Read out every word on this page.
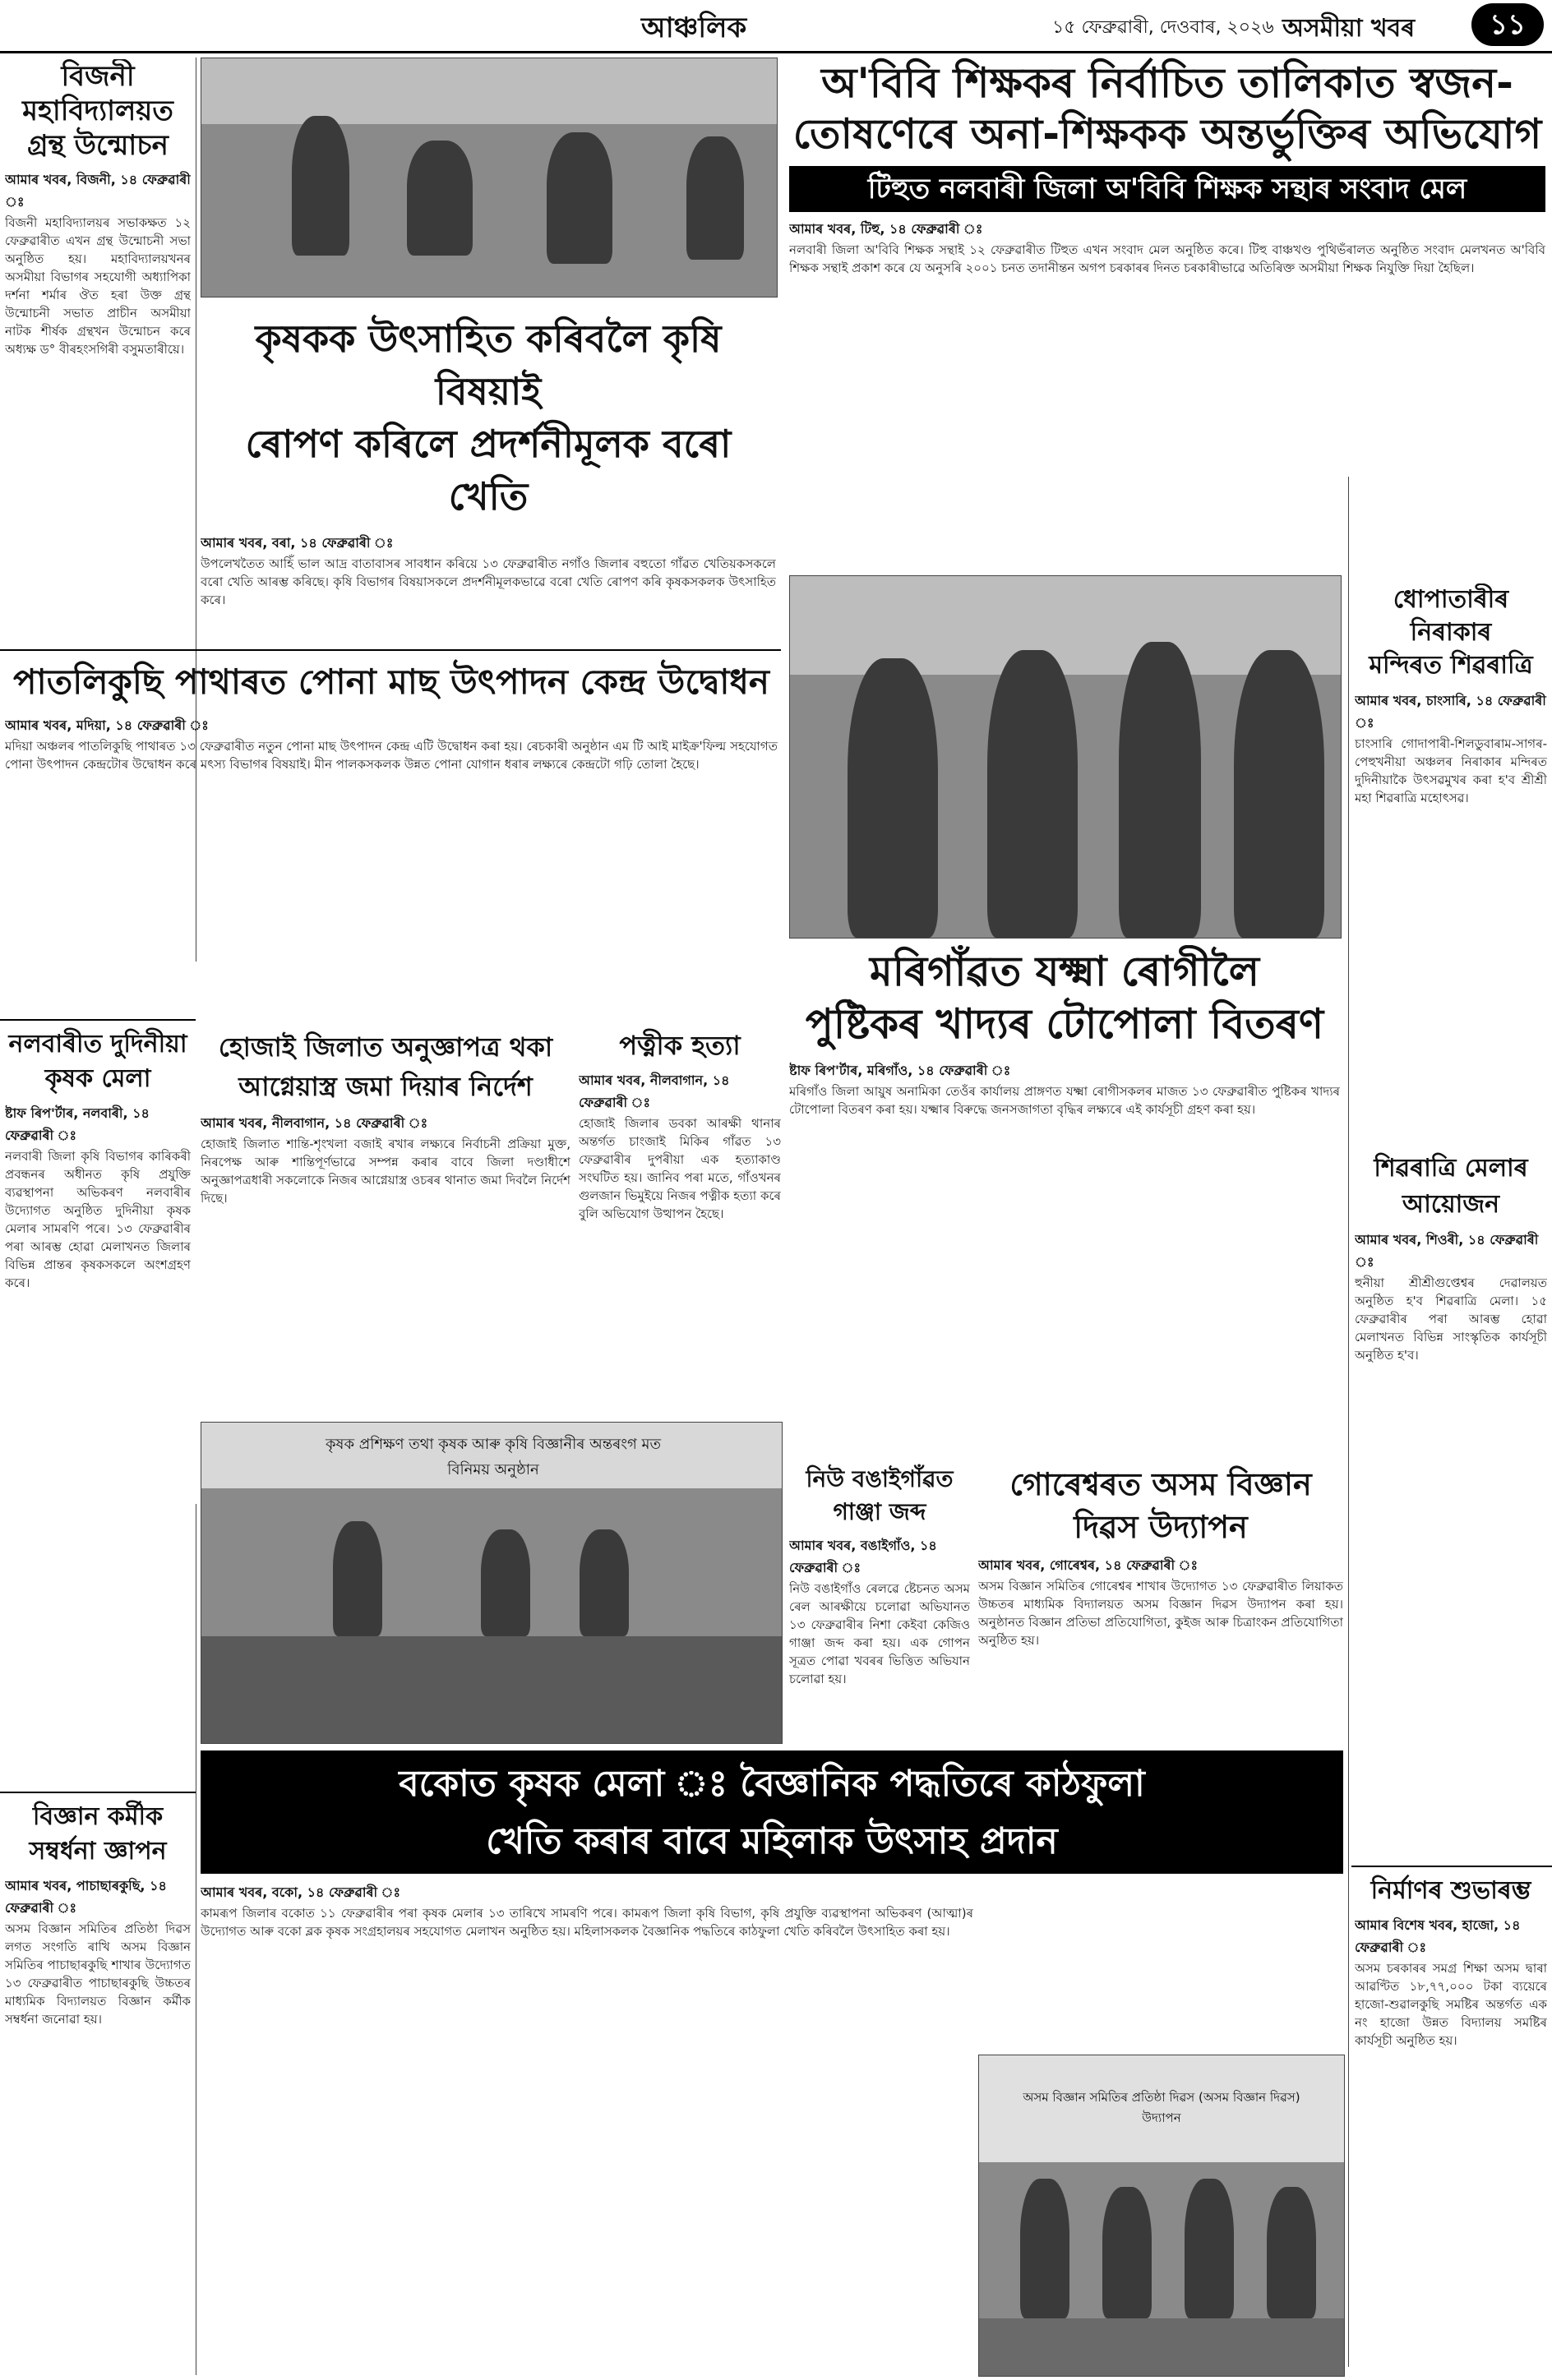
আঞ্চলিক	১৫ ফেব্ৰুৱাৰী, দেওবাৰ, ২০২৬ অসমীয়া খবৰ	১১
বিজনী মহাবিদ্যালয়ত গ্ৰন্থ উন্মোচন
আমাৰ খবৰ, বিজনী, ১৪ ফেব্ৰুৱাৰী ঃ
বিজনী মহাবিদ্যালয়ৰ সভাকক্ষত ১২ ফেব্ৰুৱাৰীত এখন গ্ৰন্থ উন্মোচনী সভা অনুষ্ঠিত হয়। মহাবিদ্যালয়খনৰ অসমীয়া বিভাগৰ সহযোগী অধ্যাপিকা দৰ্শনা শৰ্মাৰ ঔত হৰা উক্ত গ্ৰন্থ উন্মোচনী সভাত প্ৰাচীন অসমীয়া নাটক শীৰ্ষক গ্ৰন্থখন উন্মোচন কৰে অধ্যক্ষ ড° বীৰহংসগিৰী বসুমতাৰীয়ে।
অ'বিবি শিক্ষকৰ নিৰ্বাচিত তালিকাত স্বজন-তোষণেৰে অনা-শিক্ষকক অন্তৰ্ভুক্তিৰ অভিযোগ
টিহুত নলবাৰী জিলা অ'বিবি শিক্ষক সন্থাৰ সংবাদ মেল
আমাৰ খবৰ, টিহু, ১৪ ফেব্ৰুৱাৰী ঃ
নলবাৰী জিলা অ'বিবি শিক্ষক সন্থাই ১২ ফেব্ৰুৱাৰীত টিহুত এখন সংবাদ মেল অনুষ্ঠিত কৰে। টিহু বাঞ্চখণ্ড পুথিভঁৰালত অনুষ্ঠিত সংবাদ মেলখনত অ'বিবি শিক্ষক সন্থাই প্ৰকাশ কৰে যে অনুসৰি ২০০১ চনত তদানীন্তন অগপ চৰকাৰৰ দিনত চৰকাৰীভাৱে অতিৰিক্ত অসমীয়া শিক্ষক নিযুক্তি দিয়া হৈছিল।
কৃষকক উৎসাহিত কৰিবলৈ কৃষি বিষয়াই
ৰোপণ কৰিলে প্ৰদৰ্শনীমূলক বৰো খেতি
আমাৰ খবৰ, বৰা, ১৪ ফেব্ৰুৱাৰী ঃ
উপলেখতৈত আহিঁ ভাল আদ্ৰ বাতাবাসৰ সাবধান কৰিয়ে ১৩ ফেব্ৰুৱাৰীত নগাঁও জিলাৰ বহুতো গাঁৱত খেতিয়কসকলে বৰো খেতি আৰম্ভ কৰিছে। কৃষি বিভাগৰ বিষয়াসকলে প্ৰদৰ্শনীমূলকভাৱে বৰো খেতি ৰোপণ কৰি কৃষকসকলক উৎসাহিত কৰে।
পাতলিকুছি পাথাৰত পোনা মাছ উৎপাদন কেন্দ্ৰ উদ্বোধন
আমাৰ খবৰ, মদিয়া, ১৪ ফেব্ৰুৱাৰী ঃ
মদিয়া অঞ্চলৰ পাতলিকুছি পাথাৰত ১৩ ফেব্ৰুৱাৰীত নতুন পোনা মাছ উৎপাদন কেন্দ্ৰ এটি উদ্বোধন কৰা হয়। ৰেচকাৰী অনুষ্ঠান এম টি আই মাইক্ৰ'ফিল্ম সহযোগত পোনা উৎপাদন কেন্দ্ৰটোৰ উদ্বোধন কৰে মৎস্য বিভাগৰ বিষয়াই। মীন পালকসকলক উন্নত পোনা যোগান ধৰাৰ লক্ষ্যৰে কেন্দ্ৰটো গঢ়ি তোলা হৈছে।
ধোপাতাৰীৰ নিৰাকাৰ
মন্দিৰত শিৱৰাত্ৰি
আমাৰ খবৰ, চাংসাৰি, ১৪ ফেব্ৰুৱাৰী ঃ
চাংসাৰি গোদাপাৰী-শিলডুবাৰাম-সাগৰ-পেহুখনীয়া অঞ্চলৰ নিৰাকাৰ মন্দিৰত দুদিনীয়াকৈ উৎসৱমুখৰ কৰা হ'ব শ্ৰীশ্ৰী মহা শিৱৰাত্ৰি মহোৎসৱ।
মৰিগাঁৱত যক্ষ্মা ৰোগীলৈ
পুষ্টিকৰ খাদ্যৰ টোপোলা বিতৰণ
ষ্টাফ ৰিপ'ৰ্টাৰ, মৰিগাঁও, ১৪ ফেব্ৰুৱাৰী ঃ
মৰিগাঁও জিলা আয়ুষ অনামিকা তেওঁৰ কাৰ্যালয় প্ৰাঙ্গণত যক্ষ্মা ৰোগীসকলৰ মাজত ১৩ ফেব্ৰুৱাৰীত পুষ্টিকৰ খাদ্যৰ টোপোলা বিতৰণ কৰা হয়। যক্ষ্মাৰ বিৰুদ্ধে জনসজাগতা বৃদ্ধিৰ লক্ষ্যৰে এই কাৰ্যসূচী গ্ৰহণ কৰা হয়।
নলবাৰীত দুদিনীয়া কৃষক মেলা
ষ্টাফ ৰিপ'ৰ্টাৰ, নলবাৰী, ১৪ ফেব্ৰুৱাৰী ঃ
নলবাৰী জিলা কৃষি বিভাগৰ কাৰিকৰী প্ৰবন্ধনৰ অধীনত কৃষি প্ৰযুক্তি ব্যৱস্থাপনা অভিকৰণ নলবাৰীৰ উদ্যোগত অনুষ্ঠিত দুদিনীয়া কৃষক মেলাৰ সামৰণি পৰে। ১৩ ফেব্ৰুৱাৰীৰ পৰা আৰম্ভ হোৱা মেলাখনত জিলাৰ বিভিন্ন প্ৰান্তৰ কৃষকসকলে অংশগ্ৰহণ কৰে।
হোজাই জিলাত অনুজ্ঞাপত্ৰ থকা
আগ্নেয়াস্ত্ৰ জমা দিয়াৰ নিৰ্দেশ
আমাৰ খবৰ, নীলবাগান, ১৪ ফেব্ৰুৱাৰী ঃ
হোজাই জিলাত শান্তি-শৃংখলা বজাই ৰখাৰ লক্ষ্যৰে নিৰ্বাচনী প্ৰক্ৰিয়া মুক্ত, নিৰপেক্ষ আৰু শান্তিপূৰ্ণভাৱে সম্পন্ন কৰাৰ বাবে জিলা দণ্ডাধীশে অনুজ্ঞাপত্ৰধাৰী সকলোকে নিজৰ আগ্নেয়াস্ত্ৰ ওচৰৰ থানাত জমা দিবলৈ নিৰ্দেশ দিছে।
পত্নীক হত্যা
আমাৰ খবৰ, নীলবাগান, ১৪ ফেব্ৰুৱাৰী ঃ
হোজাই জিলাৰ ডবকা আৰক্ষী থানাৰ অন্তৰ্গত চাংজাই মিকিৰ গাঁৱত ১৩ ফেব্ৰুৱাৰীৰ দুপৰীয়া এক হত্যাকাণ্ড সংঘটিত হয়। জানিব পৰা মতে, গাঁওখনৰ গুলজান ভিমুইয়ে নিজৰ পত্নীক হত্যা কৰে বুলি অভিযোগ উত্থাপন হৈছে।
শিৱৰাত্ৰি মেলাৰ আয়োজন
আমাৰ খবৰ, শিওৰী, ১৪ ফেব্ৰুৱাৰী ঃ
হুনীয়া শ্ৰীশ্ৰীগুপ্তেশ্বৰ দেৱালয়ত অনুষ্ঠিত হ'ব শিৱৰাত্ৰি মেলা। ১৫ ফেব্ৰুৱাৰীৰ পৰা আৰম্ভ হোৱা মেলাখনত বিভিন্ন সাংস্কৃতিক কাৰ্যসূচী অনুষ্ঠিত হ'ব।
কৃষক প্ৰশিক্ষণ তথা কৃষক আৰু কৃষি বিজ্ঞানীৰ অন্তৰংগ মত বিনিময় অনুষ্ঠান	নিউ বঙাইগাঁৱত
গাঞ্জা জব্দ
আমাৰ খবৰ, বঙাইগাঁও, ১৪ ফেব্ৰুৱাৰী ঃ
নিউ বঙাইগাঁও ৰেলৱে ষ্টেচনত অসম ৰেল আৰক্ষীয়ে চলোৱা অভিযানত ১৩ ফেব্ৰুৱাৰীৰ নিশা কেইবা কেজিও গাঞ্জা জব্দ কৰা হয়। এক গোপন সূত্ৰত পোৱা খবৰৰ ভিত্তিত অভিযান চলোৱা হয়।
গোৰেশ্বৰত অসম বিজ্ঞান
দিৱস উদ্যাপন
আমাৰ খবৰ, গোৰেশ্বৰ, ১৪ ফেব্ৰুৱাৰী ঃ
অসম বিজ্ঞান সমিতিৰ গোৰেশ্বৰ শাখাৰ উদ্যোগত ১৩ ফেব্ৰুৱাৰীত লিয়াকত উচ্চতৰ মাধ্যমিক বিদ্যালয়ত অসম বিজ্ঞান দিৱস উদ্যাপন কৰা হয়। অনুষ্ঠানত বিজ্ঞান প্ৰতিভা প্ৰতিযোগিতা, কুইজ আৰু চিত্ৰাংকন প্ৰতিযোগিতা অনুষ্ঠিত হয়।
বিজ্ঞান কৰ্মীক সম্বৰ্ধনা জ্ঞাপন
আমাৰ খবৰ, পাচাছাৰকুছি, ১৪ ফেব্ৰুৱাৰী ঃ
অসম বিজ্ঞান সমিতিৰ প্ৰতিষ্ঠা দিৱস লগত সংগতি ৰাখি অসম বিজ্ঞান সমিতিৰ পাচাছাৰকুছি শাখাৰ উদ্যোগত ১৩ ফেব্ৰুৱাৰীত পাচাছাৰকুছি উচ্চতৰ মাধ্যমিক বিদ্যালয়ত বিজ্ঞান কৰ্মীক সম্বৰ্ধনা জনোৱা হয়।
বকোত কৃষক মেলা ঃ বৈজ্ঞানিক পদ্ধতিৰে কাঠফুলা
খেতি কৰাৰ বাবে মহিলাক উৎসাহ প্ৰদান
আমাৰ খবৰ, বকো, ১৪ ফেব্ৰুৱাৰী ঃ
কামৰূপ জিলাৰ বকোত ১১ ফেব্ৰুৱাৰীৰ পৰা কৃষক মেলাৰ ১৩ তাৰিখে সামৰণি পৰে। কামৰূপ জিলা কৃষি বিভাগ, কৃষি প্ৰযুক্তি ব্যৱস্থাপনা অভিকৰণ (আত্মা)ৰ উদ্যোগত আৰু বকো ব্লক কৃষক সংগ্ৰহালয়ৰ সহযোগত মেলাখন অনুষ্ঠিত হয়। মহিলাসকলক বৈজ্ঞানিক পদ্ধতিৰে কাঠফুলা খেতি কৰিবলৈ উৎসাহিত কৰা হয়।
অসম বিজ্ঞান সমিতিৰ প্ৰতিষ্ঠা দিৱস (অসম বিজ্ঞান দিৱস) উদ্যাপন
নিৰ্মাণৰ শুভাৰম্ভ
আমাৰ বিশেষ খবৰ, হাজো, ১৪ ফেব্ৰুৱাৰী ঃ
অসম চৰকাৰৰ সমগ্ৰ শিক্ষা অসম দ্বাৰা আৱণ্টিত ১৮,৭৭,০০০ টকা ব্যয়েৰে হাজো-শুৱালকুছি সমষ্টিৰ অন্তৰ্গত এক নং হাজো উন্নত বিদ্যালয় সমষ্টিৰ কাৰ্যসূচী অনুষ্ঠিত হয়।
